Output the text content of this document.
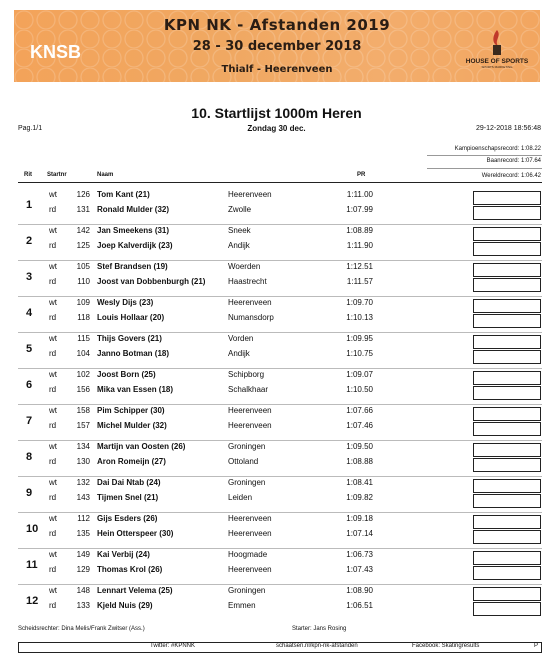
KNSB
KPN NK - Afstanden 2019
28 - 30 december 2018
Thialf - Heerenveen
HOUSE OF SPORTS
SPORTS MARKETING
10. Startlijst 1000m Heren
Zondag 30 dec.
Pag.1/1	29-12-2018 18:56:48
Kampioenschapsrecord: 1:08.22
Baanrecord: 1:07.64
Wereldrecord: 1:06.42
Rit	Startnr	Naam	PR
1
wt	126 Tom Kant (21)	Heerenveen	1:11.00
rd	131 Ronald Mulder (32)	Zwolle	1:07.99
2
wt	142 Jan Smeekens (31)	Sneek	1:08.89
rd	125 Joep Kalverdijk (23)	Andijk	1:11.90
3
wt	105 Stef Brandsen (19)	Woerden	1:12.51
rd	110 Joost van Dobbenburgh (21)	Haastrecht	1:11.57
4
wt	109 Wesly Dijs (23)	Heerenveen	1:09.70
rd	118 Louis Hollaar (20)	Numansdorp	1:10.13
5
wt	115 Thijs Govers (21)	Vorden	1:09.95
rd	104 Janno Botman (18)	Andijk	1:10.75
6
wt	102 Joost Born (25)	Schipborg	1:09.07
rd	156 Mika van Essen (18)	Schalkhaar	1:10.50
7
wt	158 Pim Schipper (30)	Heerenveen	1:07.66
rd	157 Michel Mulder (32)	Heerenveen	1:07.46
8
wt	134 Martijn van Oosten (26)	Groningen	1:09.50
rd	130 Aron Romeijn (27)	Ottoland	1:08.88
9
wt	132 Dai Dai Ntab (24)	Groningen	1:08.41
rd	143 Tijmen Snel (21)	Leiden	1:09.82
10
wt	112 Gijs Esders (26)	Heerenveen	1:09.18
rd	135 Hein Otterspeer (30)	Heerenveen	1:07.14
11
wt	149 Kai Verbij (24)	Hoogmade	1:06.73
rd	129 Thomas Krol (26)	Heerenveen	1:07.43
12
wt	148 Lennart Velema (25)	Groningen	1:08.90
rd	133 Kjeld Nuis (29)	Emmen	1:06.51
Scheidsrechter: Dina Melis/Frank Zwitser (Ass.)	Starter: Jans Rosing
Twitter: #KPNNK	schaatsen.nl/kpn-nk-afstanden	Facebook: Skatingresults	P
